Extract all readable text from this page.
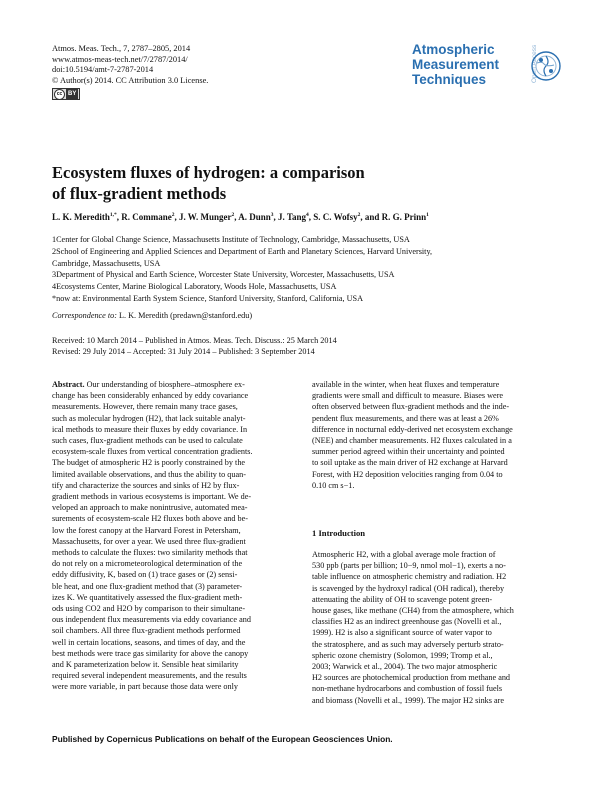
Atmos. Meas. Tech., 7, 2787–2805, 2014
www.atmos-meas-tech.net/7/2787/2014/
doi:10.5194/amt-7-2787-2014
© Author(s) 2014. CC Attribution 3.0 License.
cc BY
Atmospheric
Measurement
Techniques	Open Access
Ecosystem fluxes of hydrogen: a comparison
of flux-gradient methods
L. K. Meredith$^{1,*}$, R. Commane$^2$, J. W. Munger$^2$, A. Dunn$^3$, J. Tang$^4$, S. C. Wofsy$^2$, and R. G. Prinn$^1$
1Center for Global Change Science, Massachusetts Institute of Technology, Cambridge, Massachusetts, USA
2School of Engineering and Applied Sciences and Department of Earth and Planetary Sciences, Harvard University,
Cambridge, Massachusetts, USA
3Department of Physical and Earth Science, Worcester State University, Worcester, Massachusetts, USA
4Ecosystems Center, Marine Biological Laboratory, Woods Hole, Massachusetts, USA
*now at: Environmental Earth System Science, Stanford University, Stanford, California, USA
Correspondence to: L. K. Meredith (predawn@stanford.edu)
Received: 10 March 2014 – Published in Atmos. Meas. Tech. Discuss.: 25 March 2014
Revised: 29 July 2014 – Accepted: 31 July 2014 – Published: 3 September 2014
Abstract. Our understanding of biosphere–atmosphere ex-
change has been considerably enhanced by eddy covariance
measurements. However, there remain many trace gases,
such as molecular hydrogen (H2), that lack suitable analyt-
ical methods to measure their fluxes by eddy covariance. In
such cases, flux-gradient methods can be used to calculate
ecosystem-scale fluxes from vertical concentration gradients.
The budget of atmospheric H2 is poorly constrained by the
limited available observations, and thus the ability to quan-
tify and characterize the sources and sinks of H2 by flux-
gradient methods in various ecosystems is important. We de-
veloped an approach to make nonintrusive, automated mea-
surements of ecosystem-scale H2 fluxes both above and be-
low the forest canopy at the Harvard Forest in Petersham,
Massachusetts, for over a year. We used three flux-gradient
methods to calculate the fluxes: two similarity methods that
do not rely on a micrometeorological determination of the
eddy diffusivity, K, based on (1) trace gases or (2) sensi-
ble heat, and one flux-gradient method that (3) parameter-
izes K. We quantitatively assessed the flux-gradient meth-
ods using CO2 and H2O by comparison to their simultane-
ous independent flux measurements via eddy covariance and
soil chambers. All three flux-gradient methods performed
well in certain locations, seasons, and times of day, and the
best methods were trace gas similarity for above the canopy
and K parameterization below it. Sensible heat similarity
required several independent measurements, and the results
were more variable, in part because those data were only
available in the winter, when heat fluxes and temperature
gradients were small and difficult to measure. Biases were
often observed between flux-gradient methods and the inde-
pendent flux measurements, and there was at least a 26%
difference in nocturnal eddy-derived net ecosystem exchange
(NEE) and chamber measurements. H2 fluxes calculated in a
summer period agreed within their uncertainty and pointed
to soil uptake as the main driver of H2 exchange at Harvard
Forest, with H2 deposition velocities ranging from 0.04 to
0.10 cm s−1.
1 Introduction
Atmospheric H2, with a global average mole fraction of
530 ppb (parts per billion; 10−9, nmol mol−1), exerts a no-
table influence on atmospheric chemistry and radiation. H2
is scavenged by the hydroxyl radical (OH radical), thereby
attenuating the ability of OH to scavenge potent green-
house gases, like methane (CH4) from the atmosphere, which
classifies H2 as an indirect greenhouse gas (Novelli et al.,
1999). H2 is also a significant source of water vapor to
the stratosphere, and as such may adversely perturb strato-
spheric ozone chemistry (Solomon, 1999; Tromp et al.,
2003; Warwick et al., 2004). The two major atmospheric
H2 sources are photochemical production from methane and
non-methane hydrocarbons and combustion of fossil fuels
and biomass (Novelli et al., 1999). The major H2 sinks are
Published by Copernicus Publications on behalf of the European Geosciences Union.
